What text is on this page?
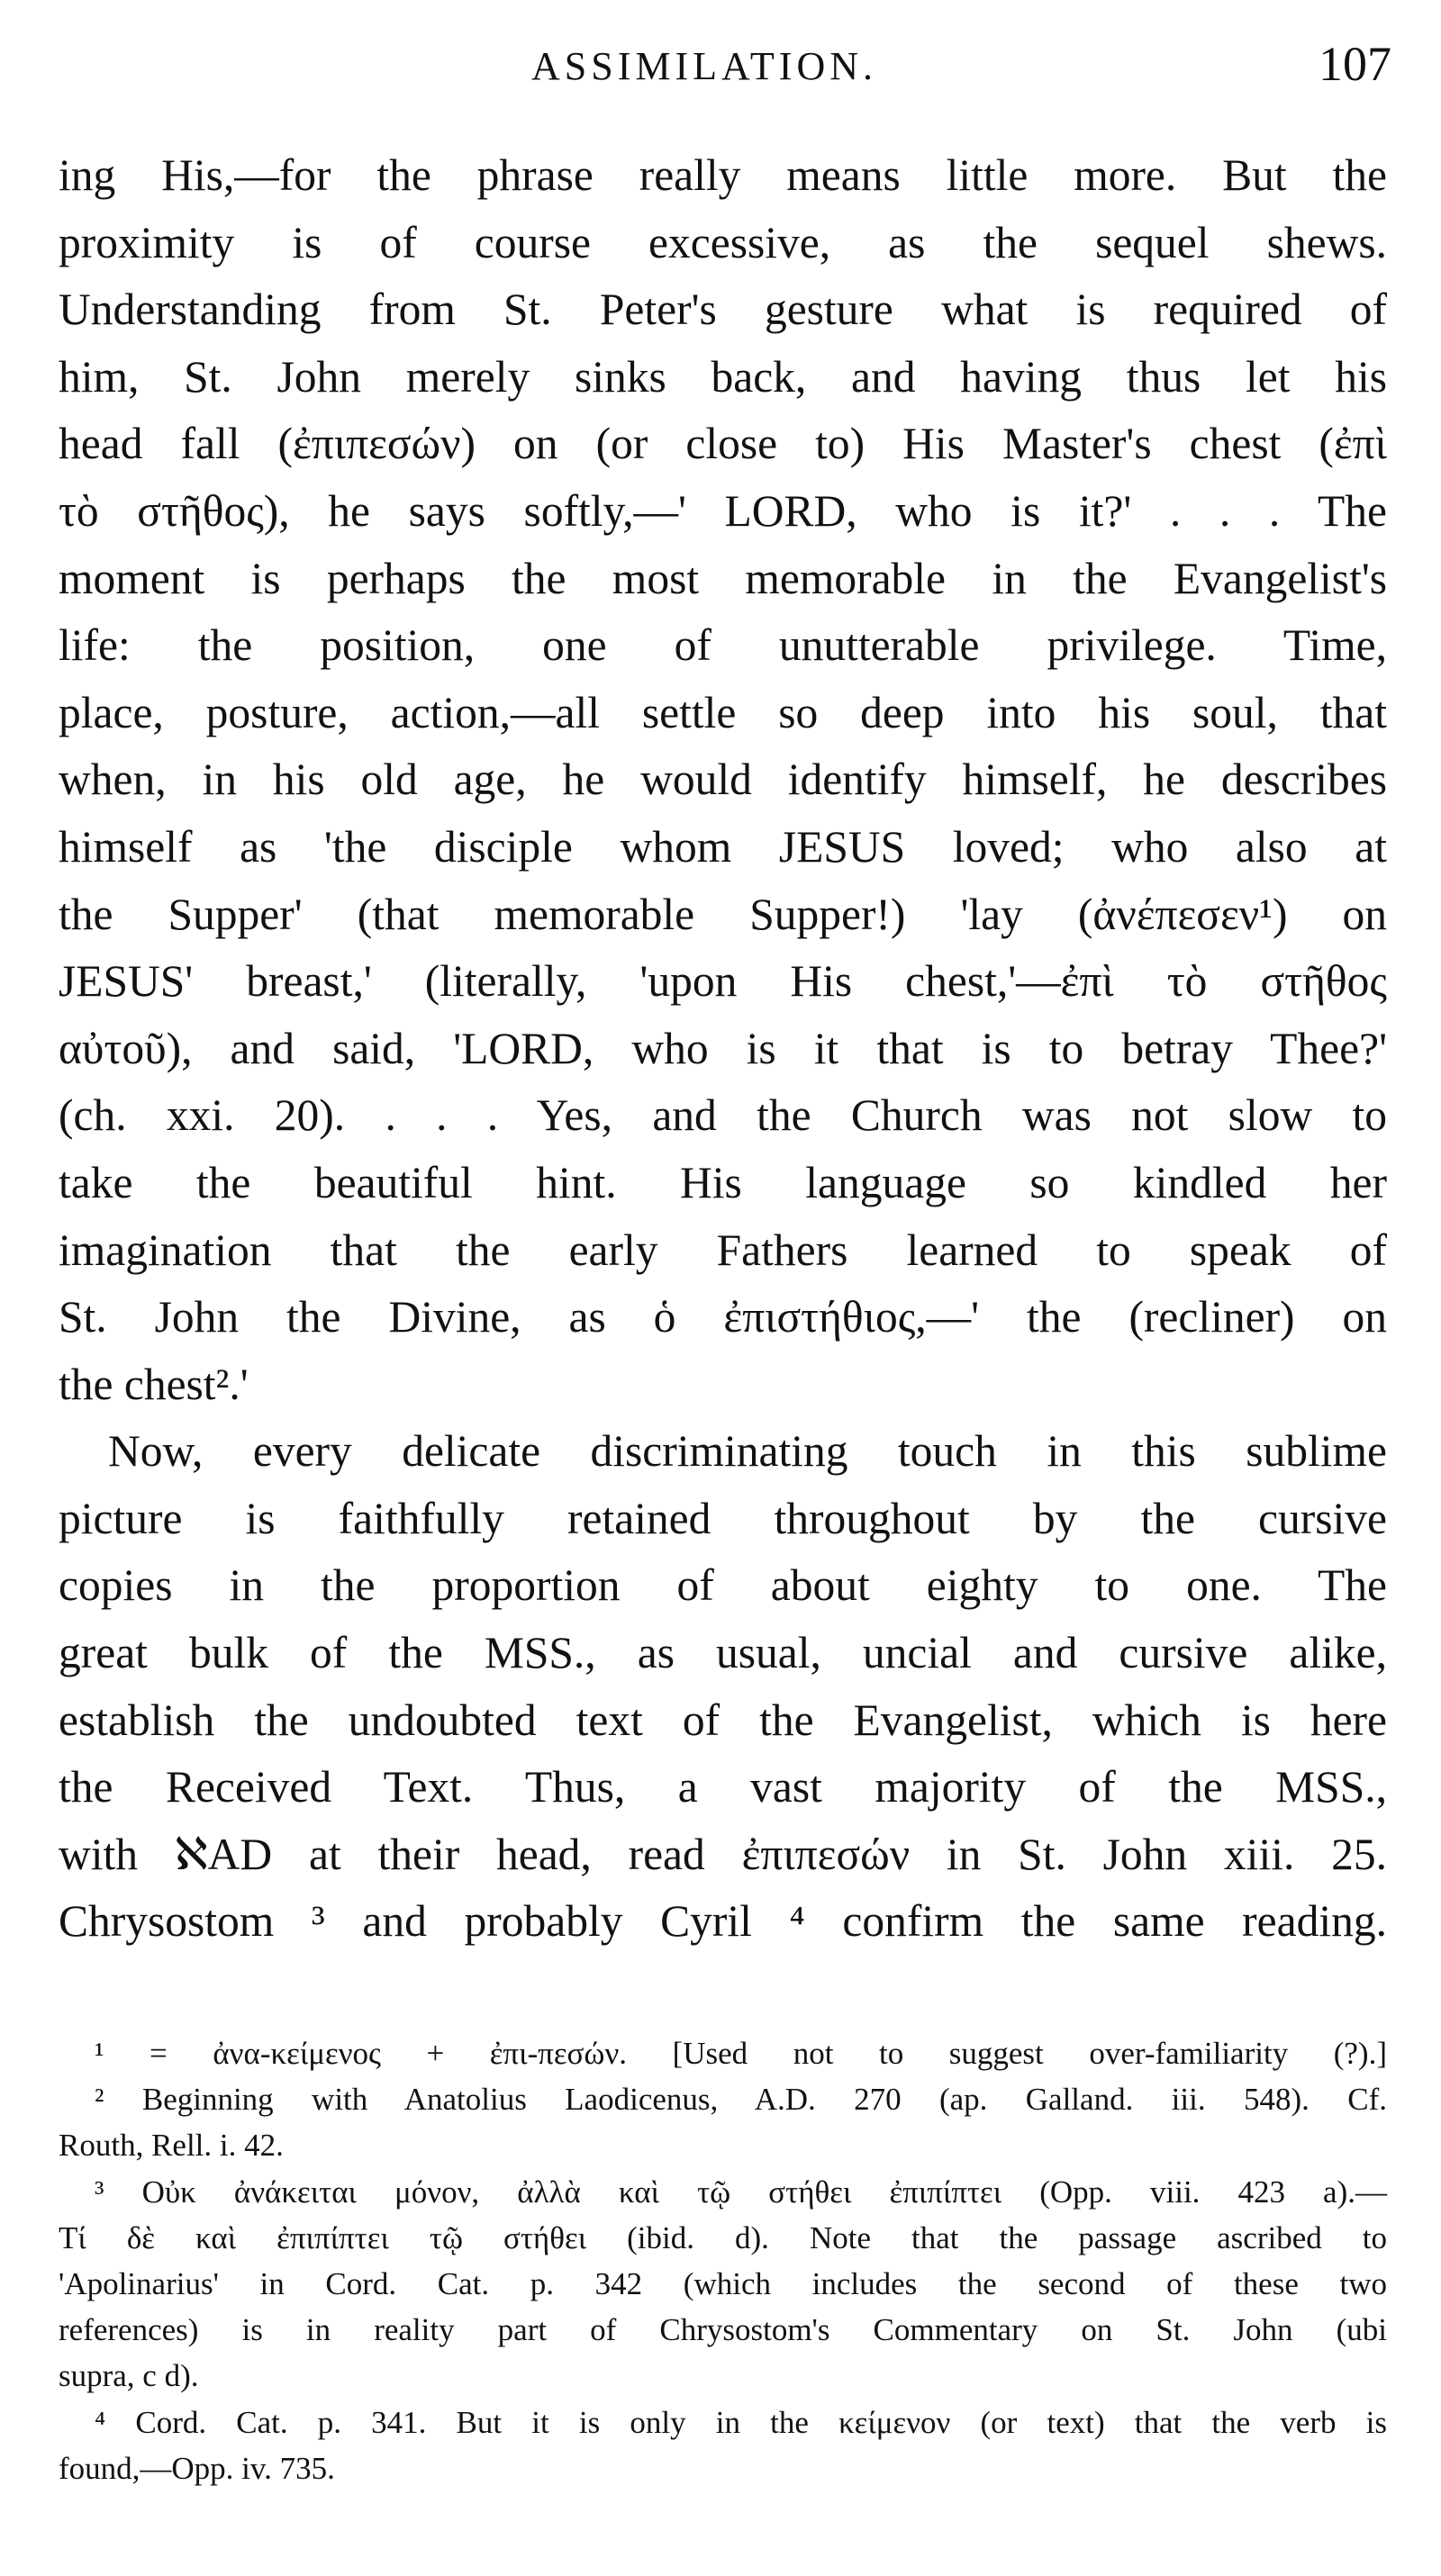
ASSIMILATION.	107
ing His,—for the phrase really means little more. But the
proximity is of course excessive, as the sequel shews.
Understanding from St. Peter's gesture what is required of
him, St. John merely sinks back, and having thus let his
head fall (ἐπιπεσών) on (or close to) His Master's chest (ἐπὶ
τὸ στῆθος), he says softly,—' LORD, who is it?' . . . The
moment is perhaps the most memorable in the Evangelist's
life: the position, one of unutterable privilege. Time,
place, posture, action,—all settle so deep into his soul, that
when, in his old age, he would identify himself, he describes
himself as 'the disciple whom JESUS loved; who also at
the Supper' (that memorable Supper!) 'lay (ἀνέπεσεν¹) on
JESUS' breast,' (literally, 'upon His chest,'—ἐπὶ τὸ στῆθος
αὐτοῦ), and said, 'LORD, who is it that is to betray Thee?'
(ch. xxi. 20). . . . Yes, and the Church was not slow to
take the beautiful hint. His language so kindled her
imagination that the early Fathers learned to speak of
St. John the Divine, as ὁ ἐπιστήθιος,—' the (recliner) on
the chest².'
Now, every delicate discriminating touch in this sublime
picture is faithfully retained throughout by the cursive
copies in the proportion of about eighty to one. The
great bulk of the MSS., as usual, uncial and cursive alike,
establish the undoubted text of the Evangelist, which is here
the Received Text. Thus, a vast majority of the MSS.,
with ℵAD at their head, read ἐπιπεσών in St. John xiii. 25.
Chrysostom ³ and probably Cyril ⁴ confirm the same reading.
¹ = ἀνα-κείμενος + ἐπι-πεσών. [Used not to suggest over-familiarity (?).]
² Beginning with Anatolius Laodicenus, A.D. 270 (ap. Galland. iii. 548). Cf.
Routh, Rell. i. 42.
³ Οὐκ ἀνάκειται μόνον, ἀλλὰ καὶ τῷ στήθει ἐπιπίπτει (Opp. viii. 423 a).—
Τί δὲ καὶ ἐπιπίπτει τῷ στήθει (ibid. d). Note that the passage ascribed to
'Apolinarius' in Cord. Cat. p. 342 (which includes the second of these two
references) is in reality part of Chrysostom's Commentary on St. John (ubi
supra, c d).
⁴ Cord. Cat. p. 341. But it is only in the κείμενον (or text) that the verb is
found,—Opp. iv. 735.
